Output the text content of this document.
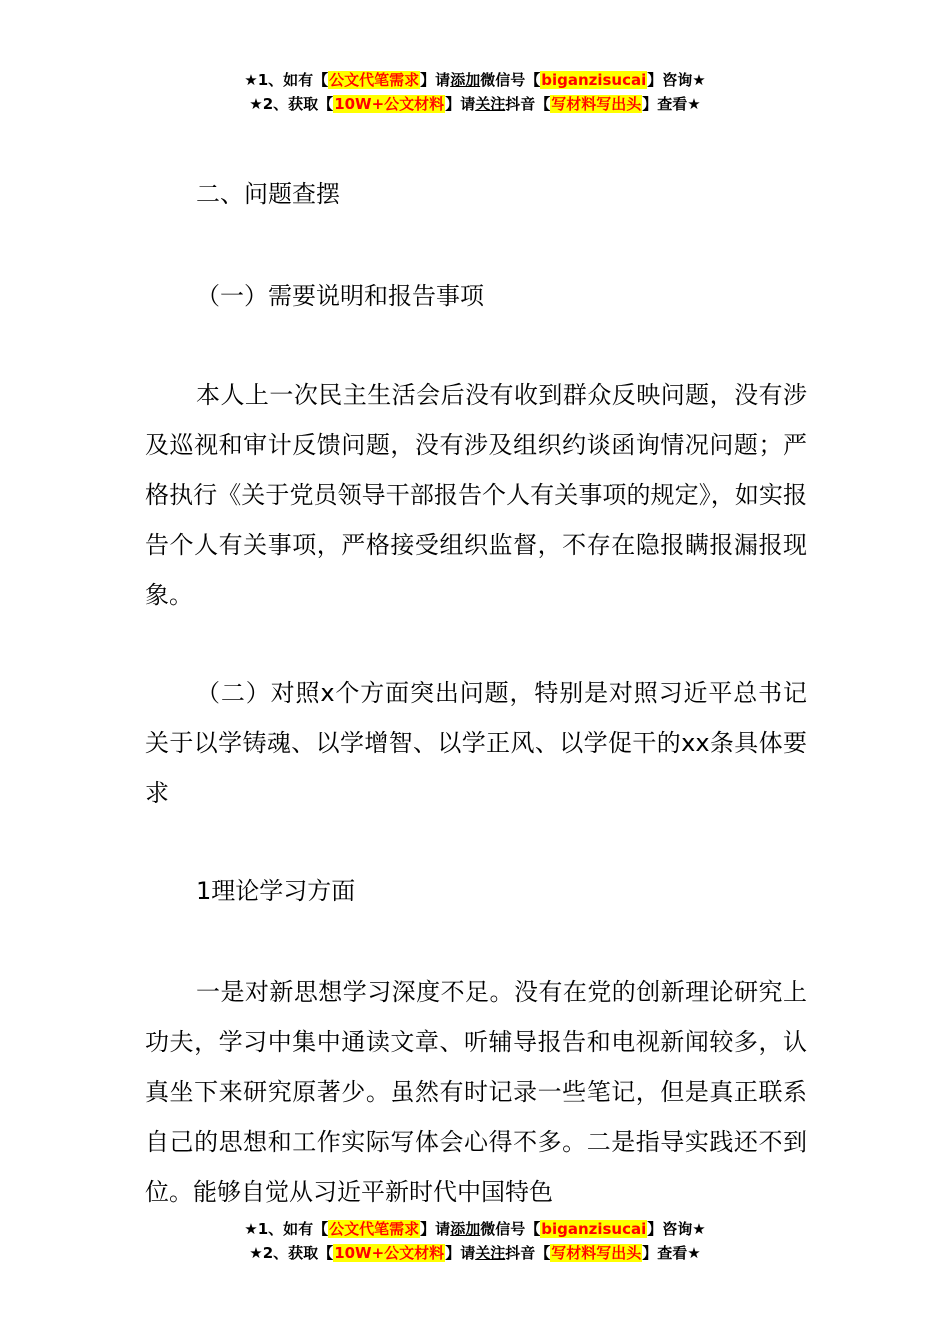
★1、如有【公文代笔需求】请添加微信号【biganzisucai】咨询★
★2、获取【10W+公文材料】请关注抖音【写材料写出头】查看★
二、问题查摆
（一）需要说明和报告事项
本人上一次民主生活会后没有收到群众反映问题，没有涉及巡视和审计反馈问题，没有涉及组织约谈函询情况问题；严格执行《关于党员领导干部报告个人有关事项的规定》，如实报告个人有关事项，严格接受组织监督，不存在隐报瞒报漏报现象。
（二）对照x个方面突出问题，特别是对照习近平总书记关于以学铸魂、以学增智、以学正风、以学促干的xx条具体要求
1理论学习方面
一是对新思想学习深度不足。没有在党的创新理论研究上功夫，学习中集中通读文章、听辅导报告和电视新闻较多，认真坐下来研究原著少。虽然有时记录一些笔记，但是真正联系自己的思想和工作实际写体会心得不多。二是指导实践还不到位。能够自觉从习近平新时代中国特色
★1、如有【公文代笔需求】请添加微信号【biganzisucai】咨询★
★2、获取【10W+公文材料】请关注抖音【写材料写出头】查看★
